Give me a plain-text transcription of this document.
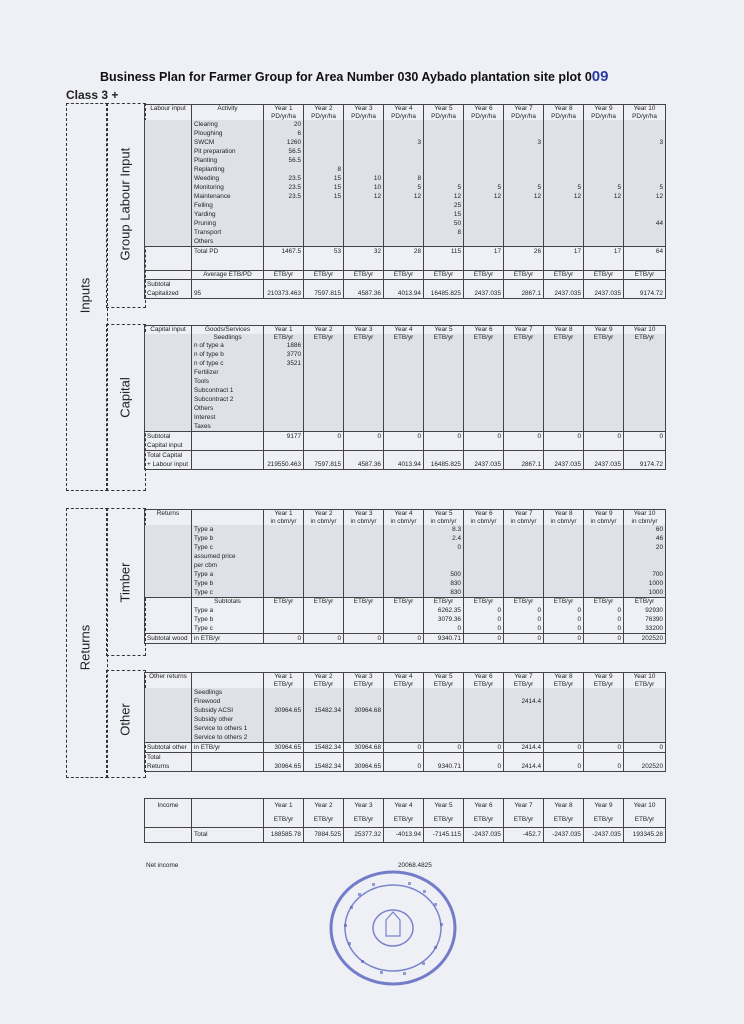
Business Plan for Farmer Group for Area Number 030 Aybado plantation site plot 009
Class 3 +
Inputs
Returns
Group Labour Input
Capital
Timber
Other
Labour input	Activity	Year 1	Year 2	Year 3	Year 4	Year 5	Year 6	Year 7	Year 8	Year 9	Year 10
		PD/yr/ha	PD/yr/ha	PD/yr/ha	PD/yr/ha	PD/yr/ha	PD/yr/ha	PD/yr/ha	PD/yr/ha	PD/yr/ha	PD/yr/ha
	Clearing	20									
	Ploughing	6									
	SWCM	1260			3			3			3
	Pit preparation	56.5									
	Planting	56.5									
	Replanting		8								
	Weeding	23.5	15	10	8						
	Monitoring	23.5	15	10	5	5	5	5	5	5	5
	Maintenance	23.5	15	12	12	12	12	12	12	12	12
	Felling					25					
	Yarding					15					
	Pruning					50					44
	Transport					8					
	Others										
	Total PD	1467.5	53	32	28	115	17	26	17	17	64

	Average ETB/PD	ETB/yr	ETB/yr	ETB/yr	ETB/yr	ETB/yr	ETB/yr	ETB/yr	ETB/yr	ETB/yr	ETB/yr
Subtotal											
Capitalized	95	210373.463	7597.815	4587.36	4013.94	16485.825	2437.035	2867.1	2437.035	2437.035	9174.72
Capital input	Goods/Services	Year 1	Year 2	Year 3	Year 4	Year 5	Year 6	Year 7	Year 8	Year 9	Year 10
	Seedlings	ETB/yr	ETB/yr	ETB/yr	ETB/yr	ETB/yr	ETB/yr	ETB/yr	ETB/yr	ETB/yr	ETB/yr
	n of type a	1886									
	n of type b	3770									
	n of type c	3521									
	Fertilizer										
	Tools										
	Subcontract 1										
	Subcontract 2										
	Others										
	Interest										
	Taxes										
Subtotal		9177	0	0	0	0	0	0	0	0	0
Capital input											
Total Capital											
+ Labour input		219550.463	7597.815	4587.36	4013.94	16485.825	2437.035	2867.1	2437.035	2437.035	9174.72
Returns		Year 1	Year 2	Year 3	Year 4	Year 5	Year 6	Year 7	Year 8	Year 9	Year 10
		in cbm/yr	in cbm/yr	in cbm/yr	in cbm/yr	in cbm/yr	in cbm/yr	in cbm/yr	in cbm/yr	in cbm/yr	in cbm/yr
	Type a					8.3					60
	Type b					2.4					46
	Type c					0					20
	assumed price										
	per cbm										
	Type a					500					700
	Type b					830					1000
	Type c					830					1000
	Subtotals	ETB/yr	ETB/yr	ETB/yr	ETB/yr	ETB/yr	ETB/yr	ETB/yr	ETB/yr	ETB/yr	ETB/yr
	Type a					6262.35	0	0	0	0	92930
	Type b					3079.36	0	0	0	0	76390
	Type c					0	0	0	0	0	33200
Subtotal wood	in ETB/yr	0	0	0	0	9340.71	0	0	0	0	202520
Other returns		Year 1	Year 2	Year 3	Year 4	Year 5	Year 6	Year 7	Year 8	Year 9	Year 10
		ETB/yr	ETB/yr	ETB/yr	ETB/yr	ETB/yr	ETB/yr	ETB/yr	ETB/yr	ETB/yr	ETB/yr
	Seedlings										
	Firewood							2414.4			
	Subsidy ACSI	30964.65	15482.34	30964.68							
	Subsidy other										
	Service to others 1										
	Service to others 2										
Subtotal other	in ETB/yr	30964.65	15482.34	30964.68	0	0	0	2414.4	0	0	0
Total											
Returns		30964.65	15482.34	30964.65	0	9340.71	0	2414.4	0	0	202520
Income		Year 1	Year 2	Year 3	Year 4	Year 5	Year 6	Year 7	Year 8	Year 9	Year 10
		ETB/yr	ETB/yr	ETB/yr	ETB/yr	ETB/yr	ETB/yr	ETB/yr	ETB/yr	ETB/yr	ETB/yr
	Total	188585.78	7884.525	25377.32	-4013.94	-7145.115	-2437.035	-452.7	-2437.035	-2437.035	193345.28
Net income	20068.4825
